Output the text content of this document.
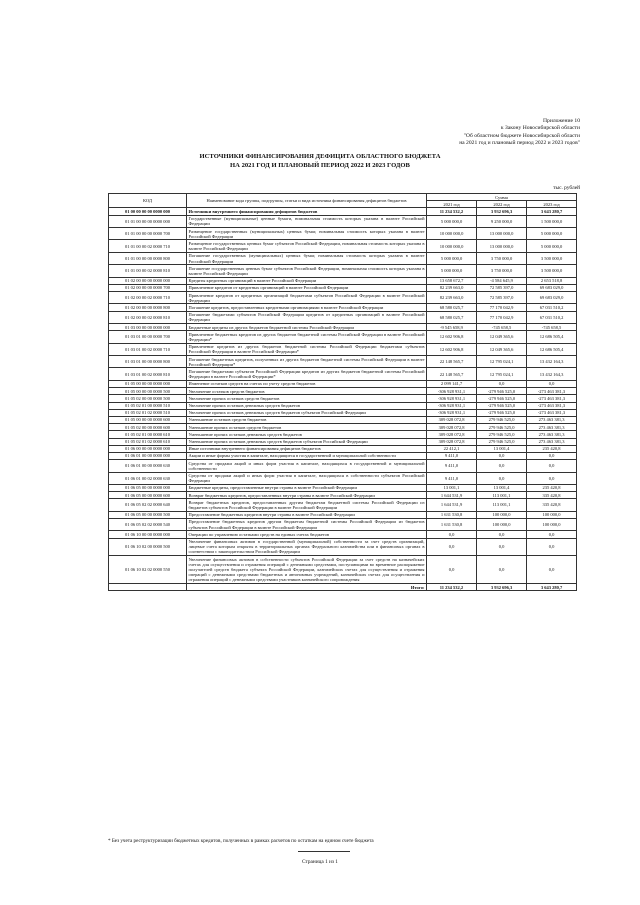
Приложение 10
к Закону Новосибирской области
"Об областном бюджете Новосибирской области
на 2021 год и плановый период 2022 и 2023 годов"
ИСТОЧНИКИ ФИНАНСИРОВАНИЯ ДЕФИЦИТА ОБЛАСТНОГО БЮДЖЕТА
НА 2021 ГОД И ПЛАНОВЫЙ ПЕРИОД 2022 И 2023 ГОДОВ
тыс. рублей
КОД	Наименование кода группы, подгруппы, статьи и вида источника финансирования дефицитов бюджетов	Сумма		
		2021 год	2022 год	2023 год
01 00 00 00 00 0000 000	Источники внутреннего финансирования дефицитов бюджетов	11 234 532,2	3 932 696,3	3 643 280,7
01 01 00 00 00 0000 000	Государственные (муниципальные) ценные бумаги, номинальная стоимость которых указана в валюте Российской Федерации	5 000 000,0	9 250 000,0	1 500 000,0
01 01 00 00 00 0000 700	Размещение государственных (муниципальных) ценных бумаг, номинальная стоимость которых указана в валюте Российской Федерации	10 000 000,0	13 000 000,0	5 000 000,0
01 01 00 00 02 0000 710	Размещение государственных ценных бумаг субъектов Российской Федерации, номинальная стоимость которых указана в валюте Российской Федерации	10 000 000,0	13 000 000,0	5 000 000,0
01 01 00 00 00 0000 800	Погашение государственных (муниципальных) ценных бумаг, номинальная стоимость которых указана в валюте Российской Федерации	5 000 000,0	3 750 000,0	3 500 000,0
01 01 00 00 02 0000 810	Погашение государственных ценных бумаг субъектов Российской Федерации, номинальная стоимость которых указана в валюте Российской Федерации	5 000 000,0	3 750 000,0	3 500 000,0
01 02 00 00 00 0000 000	Кредиты кредитных организаций в валюте Российской Федерации	13 658 672,7	-4 584 645,9	2 653 518,8
01 02 00 00 00 0000 700	Привлечение кредитов от кредитных организаций в валюте Российской Федерации	82 239 663,0	72 585 397,0	69 683 029,0
01 02 00 00 02 0000 710	Привлечение кредитов от кредитных организаций бюджетами субъектов Российской Федерации в валюте Российской Федерации	82 239 663,0	72 585 397,0	69 683 029,0
01 02 00 00 00 0000 800	Погашение кредитов, предоставленных кредитными организациями в валюте Российской Федерации	68 580 025,7	77 170 042,9	67 031 510,2
01 02 00 00 02 0000 810	Погашение бюджетами субъектов Российской Федерации кредитов от кредитных организаций в валюте Российской Федерации	68 580 025,7	77 170 042,9	67 031 510,2
01 03 00 00 00 0000 000	Бюджетные кредиты из других бюджетов бюджетной системы Российской Федерации	-9 545 658,9	-745 658,5	-745 658,5
01 03 01 00 00 0000 700	Привлечение бюджетных кредитов из других бюджетов бюджетной системы Российской Федерации в валюте Российской Федерации*	12 602 906,8	12 049 365,6	12 686 505,4
01 03 01 00 02 0000 710	Привлечение кредитов из других бюджетов бюджетной системы Российской Федерации бюджетами субъектов Российской Федерации в валюте Российской Федерации*	12 602 906,8	12 049 365,6	12 686 505,4
01 03 01 00 00 0000 800	Погашение бюджетных кредитов, полученных из других бюджетов бюджетной системы Российской Федерации в валюте Российской Федерации*	22 148 565,7	12 795 024,1	13 432 164,3
01 03 01 00 02 0000 810	Погашение бюджетами субъектов Российской Федерации кредитов из других бюджетов бюджетной системы Российской Федерации в валюте Российской Федерации*	22 148 565,7	12 795 024,1	13 432 164,3
01 05 00 00 00 0000 000	Изменение остатков средств на счетах по учету средств бюджетов	2 099 141,7	0,0	0,0
01 05 00 00 00 0000 500	Увеличение остатков средств бюджетов	-306 928 931,1	-279 946 525,0	-273 463 381,3
01 05 02 00 00 0000 500	Увеличение прочих остатков средств бюджетов	-306 928 931,1	-279 946 525,0	-273 463 381,3
01 05 02 01 00 0000 510	Увеличение прочих остатков денежных средств бюджетов	-306 928 931,1	-279 946 525,0	-273 463 381,3
01 05 02 01 02 0000 510	Увеличение прочих остатков денежных средств бюджетов субъектов Российской Федерации	-306 928 931,1	-279 946 525,0	-273 463 381,3
01 05 00 00 00 0000 600	Уменьшение остатков средств бюджетов	309 028 072,8	279 946 525,0	273 463 381,3
01 05 02 00 00 0000 600	Уменьшение прочих остатков средств бюджетов	309 028 072,8	279 946 525,0	273 463 381,3
01 05 02 01 00 0000 610	Уменьшение прочих остатков денежных средств бюджетов	309 028 072,8	279 946 525,0	273 463 381,3
01 05 02 01 02 0000 610	Уменьшение прочих остатков денежных средств бюджетов субъектов Российской Федерации	309 028 072,8	279 946 525,0	273 463 381,3
01 06 00 00 00 0000 000	Иные источники внутреннего финансирования дефицитов бюджетов	22 412,1	13 001,4	235 420,8
01 06 01 00 00 0000 000	Акции и иные формы участия в капитале, находящиеся в государственной и муниципальной собственности	9 411,0	0,0	0,0
01 06 01 00 00 0000 630	Средства от продажи акций и иных форм участия в капитале, находящихся в государственной и муниципальной собственности	9 411,0	0,0	0,0
01 06 01 00 02 0000 630	Средства от продажи акций и иных форм участия в капитале, находящихся в собственности субъектов Российской Федерации	9 411,0	0,0	0,0
01 06 05 00 00 0000 000	Бюджетные кредиты, предоставленные внутри страны в валюте Российской Федерации	13 001,1	13 001,4	235 420,8
01 06 05 00 00 0000 600	Возврат бюджетных кредитов, предоставленных внутри страны в валюте Российской Федерации	1 644 531,9	113 001,1	335 420,8
01 06 05 02 02 0000 640	Возврат бюджетных кредитов, предоставленных другим бюджетам бюджетной системы Российской Федерации из бюджетов субъектов Российской Федерации в валюте Российской Федерации	1 644 531,9	113 001,1	335 420,8
01 06 05 00 00 0000 500	Предоставление бюджетных кредитов внутри страны в валюте Российской Федерации	1 631 530,8	100 000,0	100 000,0
01 06 05 02 02 0000 540	Предоставление бюджетных кредитов другим бюджетам бюджетной системы Российской Федерации из бюджетов субъектов Российской Федерации в валюте Российской Федерации	1 631 530,8	100 000,0	100 000,0
01 06 10 00 00 0000 000	Операции по управлению остатками средств на единых счетах бюджетов	0,0	0,0	0,0
01 06 10 02 00 0000 500	Увеличение финансовых активов в государственной (муниципальной) собственности за счет средств организаций, лицевые счета которым открыты в территориальных органах Федерального казначейства или в финансовых органах в соответствии с законодательством Российской Федерации	0,0	0,0	0,0
01 06 10 02 02 0000 550	Увеличение финансовых активов в собственности субъектов Российской Федерации за счет средств на казначейских счетах для осуществления и отражения операций с денежными средствами, поступающими во временное распоряжение получателей средств бюджета субъекта Российской Федерации, казначейских счетах для осуществления и отражения операций с денежными средствами бюджетных и автономных учреждений, казначейских счетах для осуществления и отражения операций с денежными средствами участников казначейского сопровождения	0,0	0,0	0,0
	Итого:	11 234 532,2	3 932 696,3	3 643 280,7
* Без учета реструктуризации бюджетных кредитов, полученных в рамках расчетов по остаткам на едином счете бюджета
Страница 1 из 1
